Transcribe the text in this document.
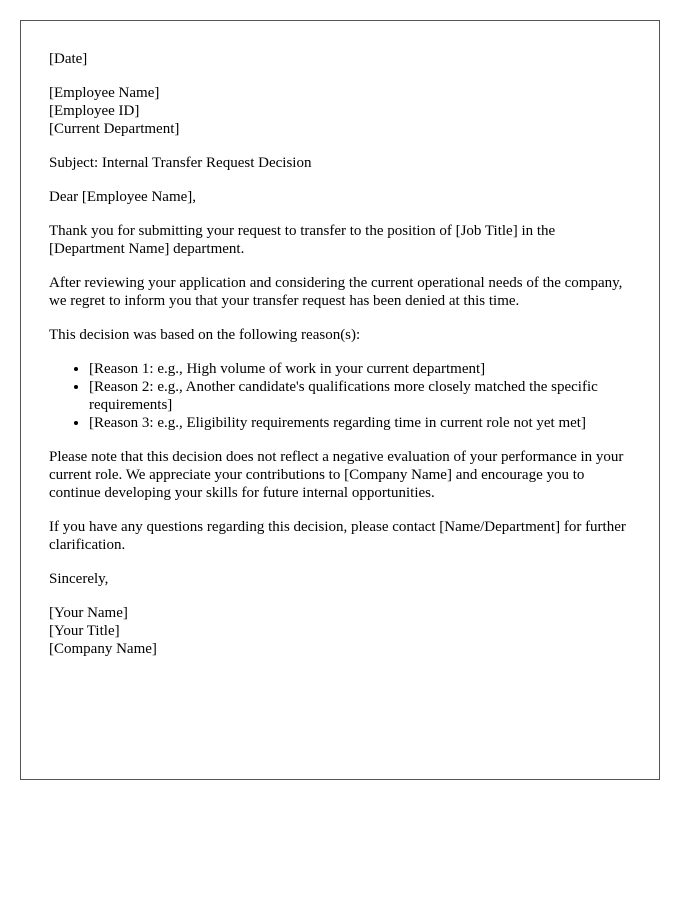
[Date]

[Employee Name]
[Employee ID]
[Current Department]

Subject: Internal Transfer Request Decision

Dear [Employee Name],

Thank you for submitting your request to transfer to the position of [Job Title] in the [Department Name] department.

After reviewing your application and considering the current operational needs of the company, we regret to inform you that your transfer request has been denied at this time.

This decision was based on the following reason(s):

• [Reason 1: e.g., High volume of work in your current department]
• [Reason 2: e.g., Another candidate's qualifications more closely matched the specific requirements]
• [Reason 3: e.g., Eligibility requirements regarding time in current role not yet met]

Please note that this decision does not reflect a negative evaluation of your performance in your current role. We appreciate your contributions to [Company Name] and encourage you to continue developing your skills for future internal opportunities.

If you have any questions regarding this decision, please contact [Name/Department] for further clarification.

Sincerely,

[Your Name]
[Your Title]
[Company Name]
